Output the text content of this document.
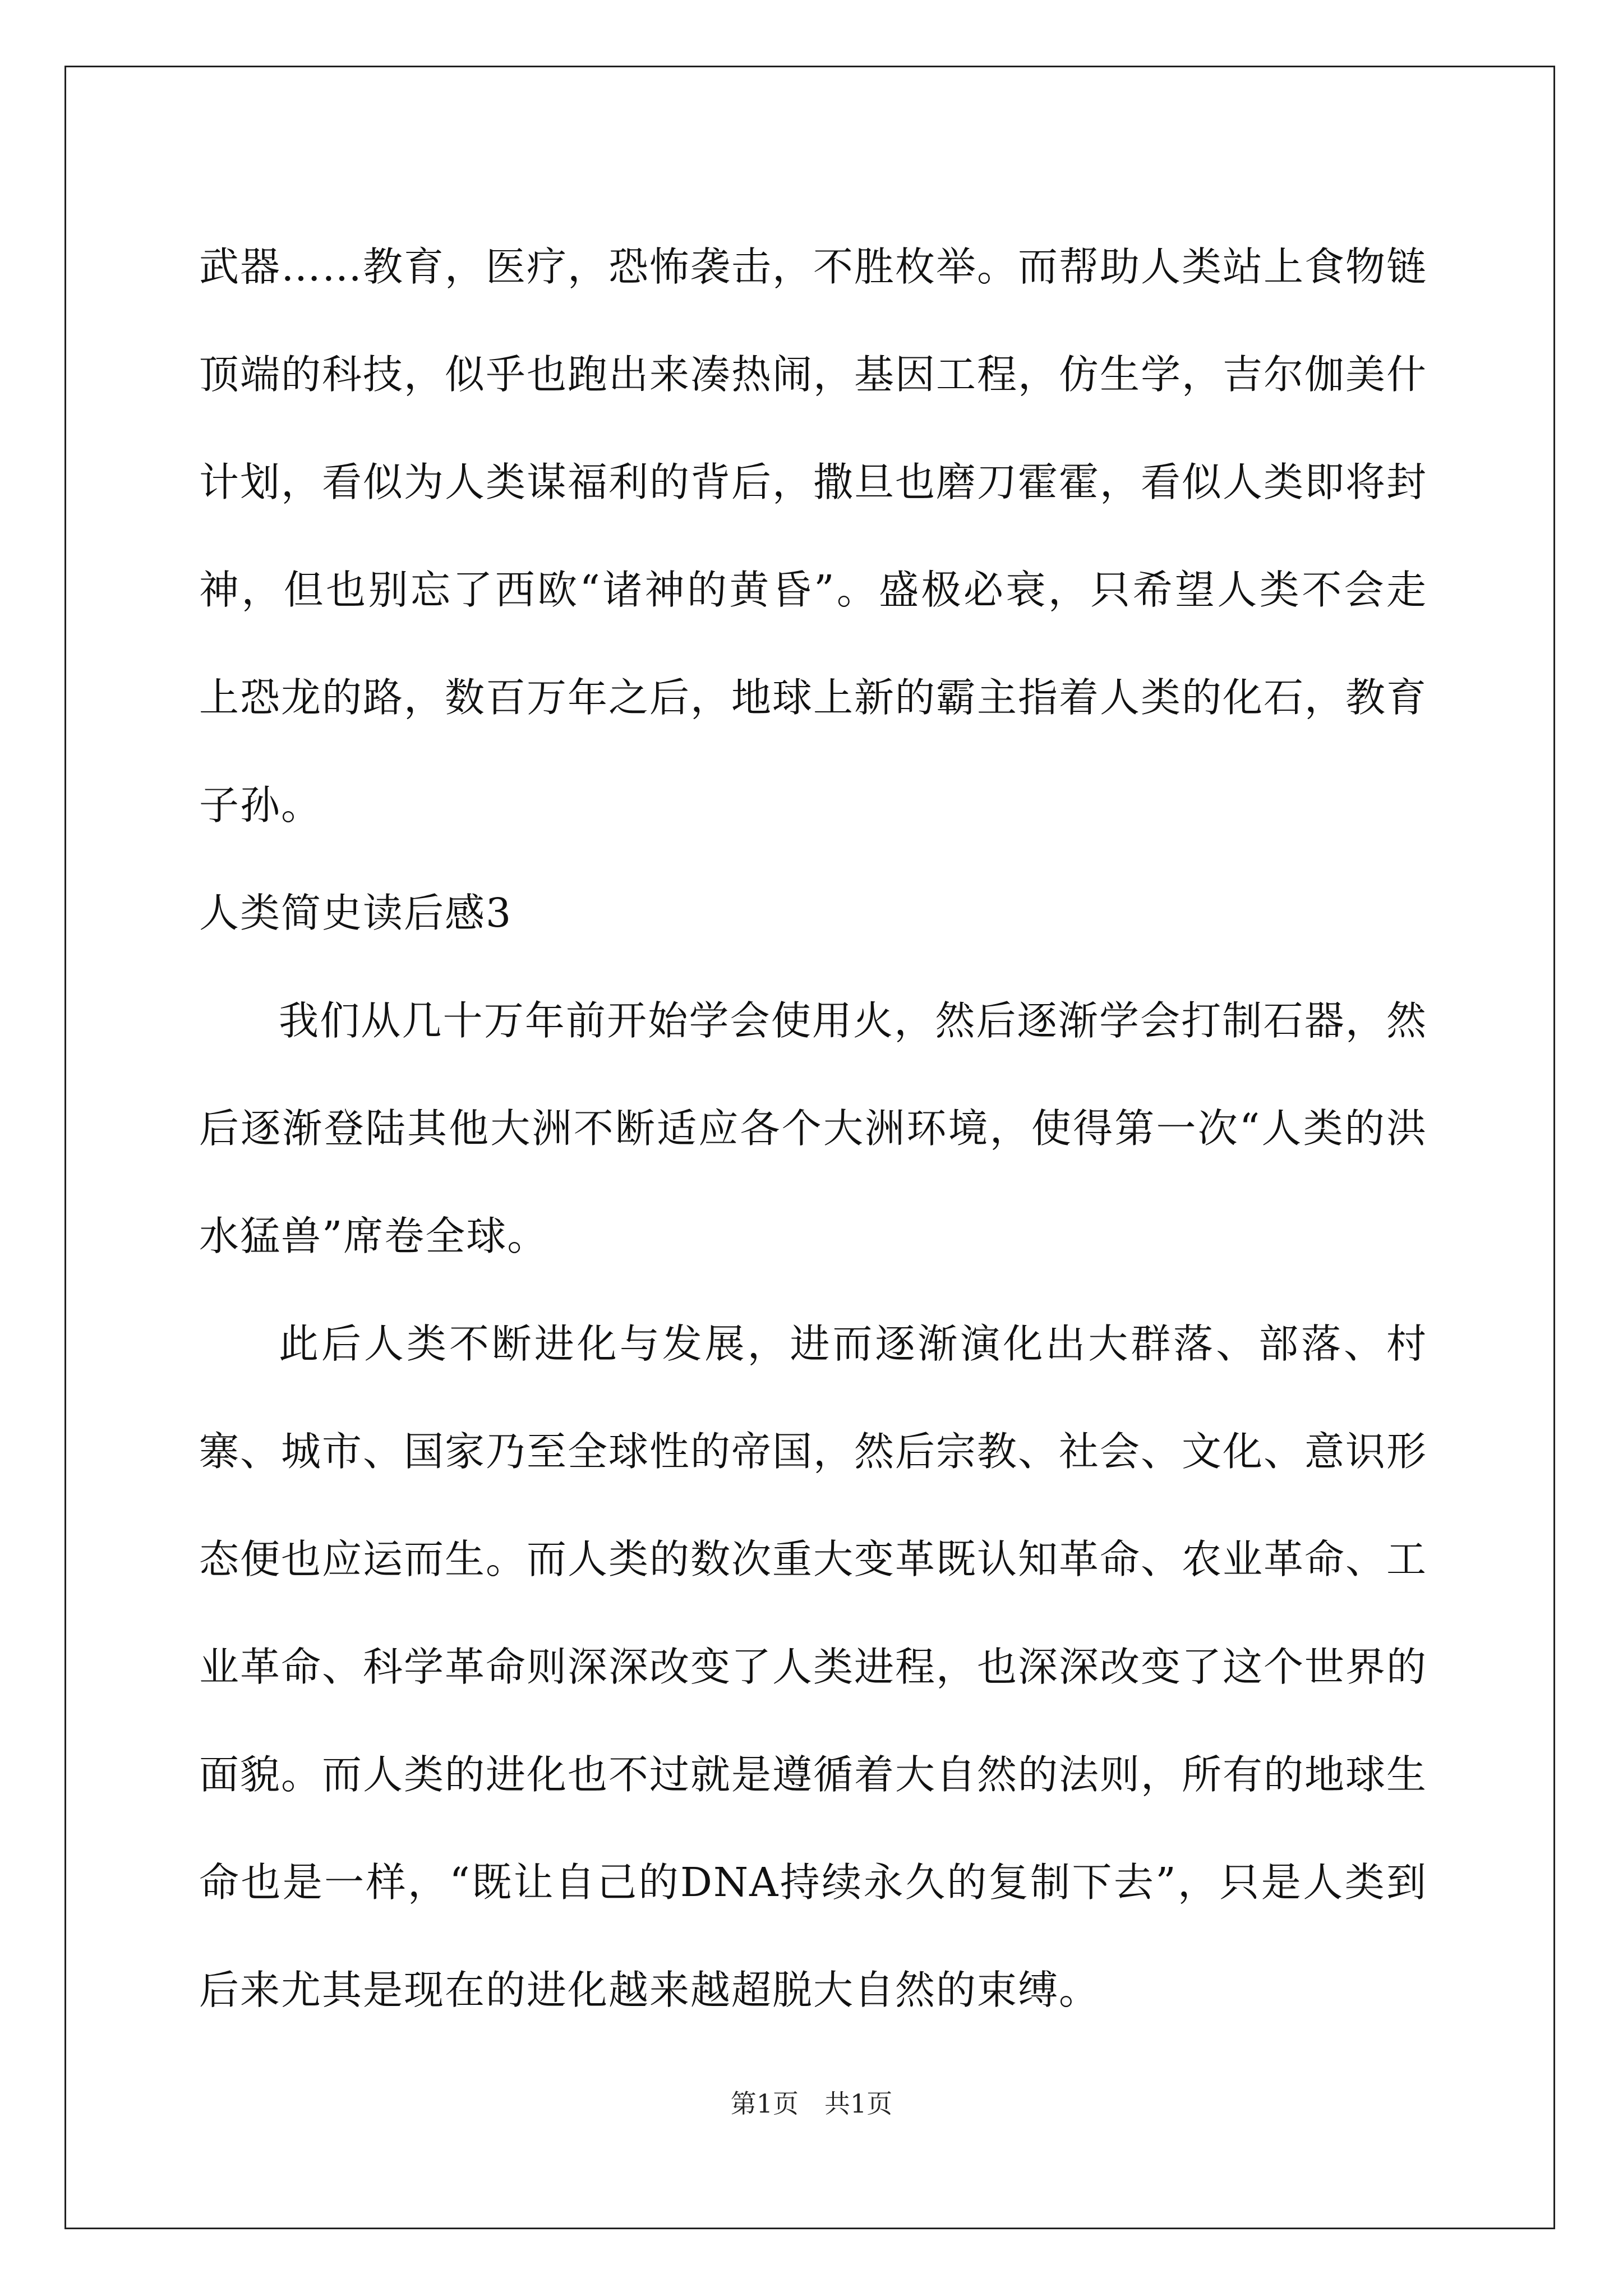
武器……教育，医疗，恐怖袭击，不胜枚举。而帮助人类站上食物链顶端的科技，似乎也跑出来凑热闹，基因工程，仿生学，吉尔伽美什计划，看似为人类谋福利的背后，撒旦也磨刀霍霍，看似人类即将封神，但也别忘了西欧“诸神的黄昏”。盛极必衰，只希望人类不会走上恐龙的路，数百万年之后，地球上新的霸主指着人类的化石，教育子孙。

人类简史读后感3

我们从几十万年前开始学会使用火，然后逐渐学会打制石器，然后逐渐登陆其他大洲不断适应各个大洲环境，使得第一次“人类的洪水猛兽”席卷全球。

此后人类不断进化与发展，进而逐渐演化出大群落、部落、村寨、城市、国家乃至全球性的帝国，然后宗教、社会、文化、意识形态便也应运而生。而人类的数次重大变革既认知革命、农业革命、工业革命、科学革命则深深改变了人类进程，也深深改变了这个世界的面貌。而人类的进化也不过就是遵循着大自然的法则，所有的地球生命也是一样，“既让自己的DNA持续永久的复制下去”，只是人类到后来尤其是现在的进化越来越超脱大自然的束缚。

第1页　共1页
